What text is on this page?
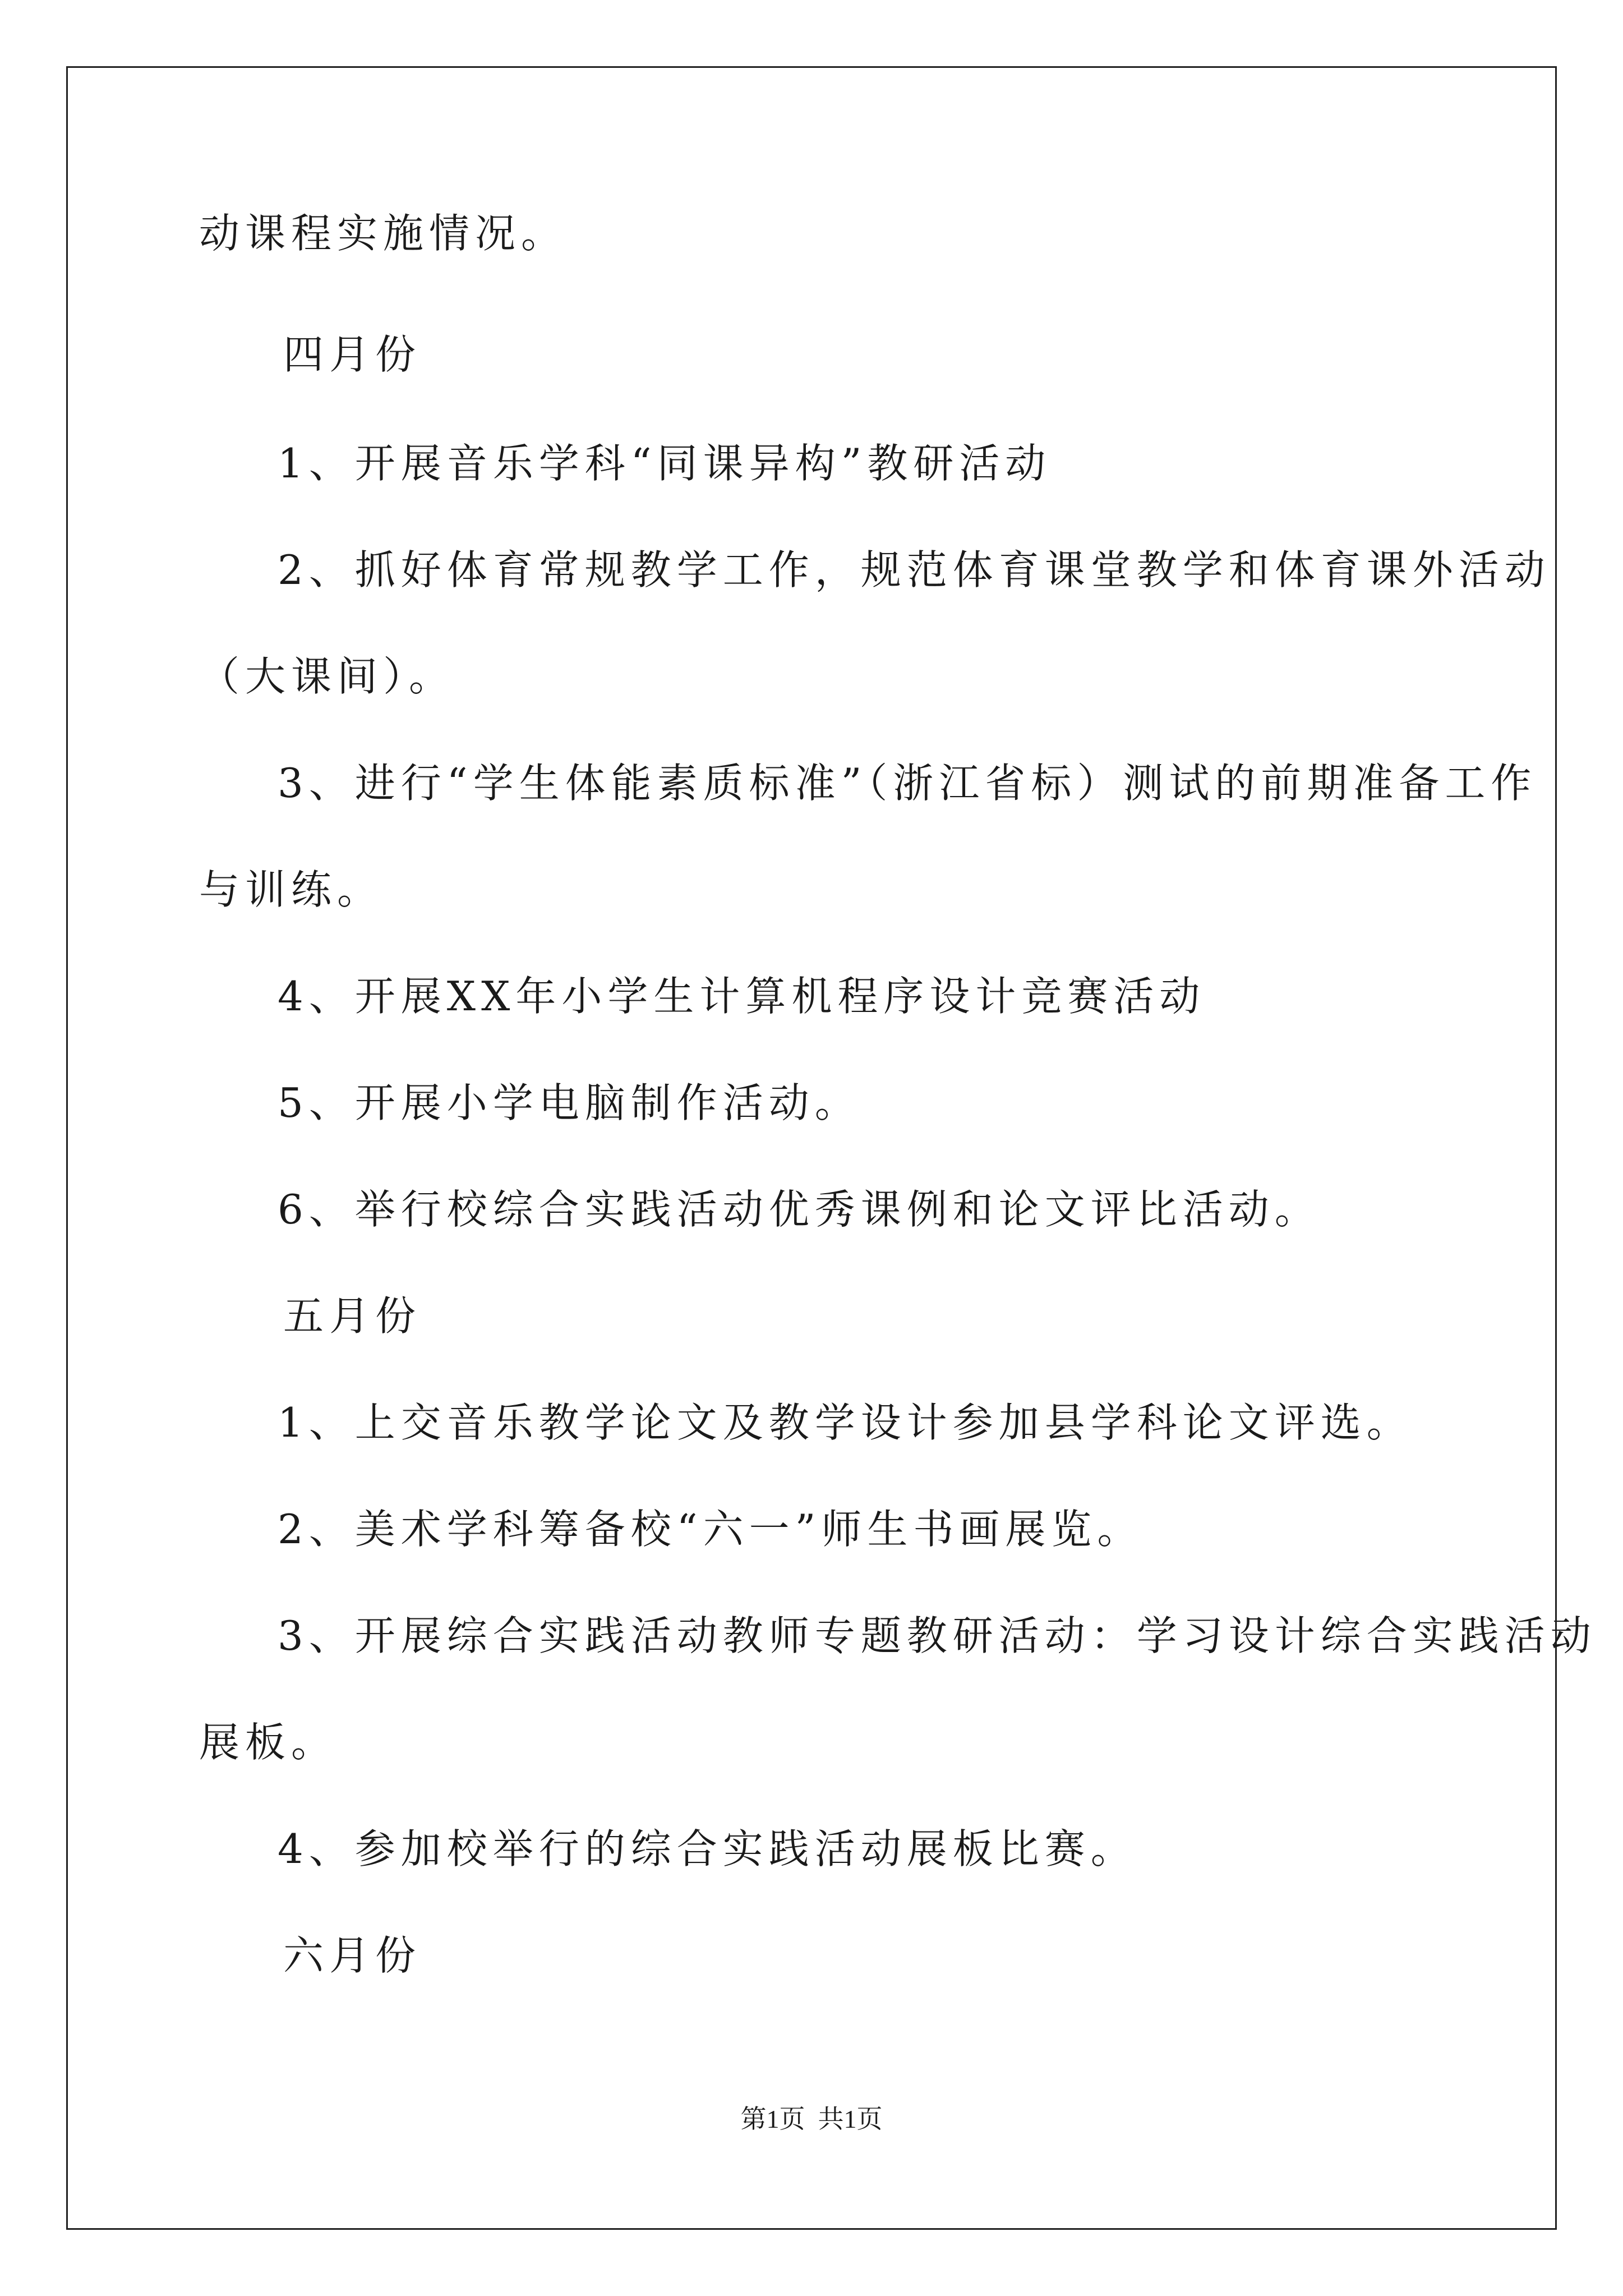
动课程实施情况。

四月份

1、开展音乐学科“同课异构”教研活动

2、抓好体育常规教学工作，规范体育课堂教学和体育课外活动

（大课间）。

3、进行“学生体能素质标准”（浙江省标）测试的前期准备工作

与训练。

4、开展XX年小学生计算机程序设计竞赛活动

5、开展小学电脑制作活动。

6、举行校综合实践活动优秀课例和论文评比活动。

五月份

1、上交音乐教学论文及教学设计参加县学科论文评选。

2、美术学科筹备校“六一”师生书画展览。

3、开展综合实践活动教师专题教研活动：学习设计综合实践活动

展板。

4、参加校举行的综合实践活动展板比赛。

六月份

第1页  共1页
